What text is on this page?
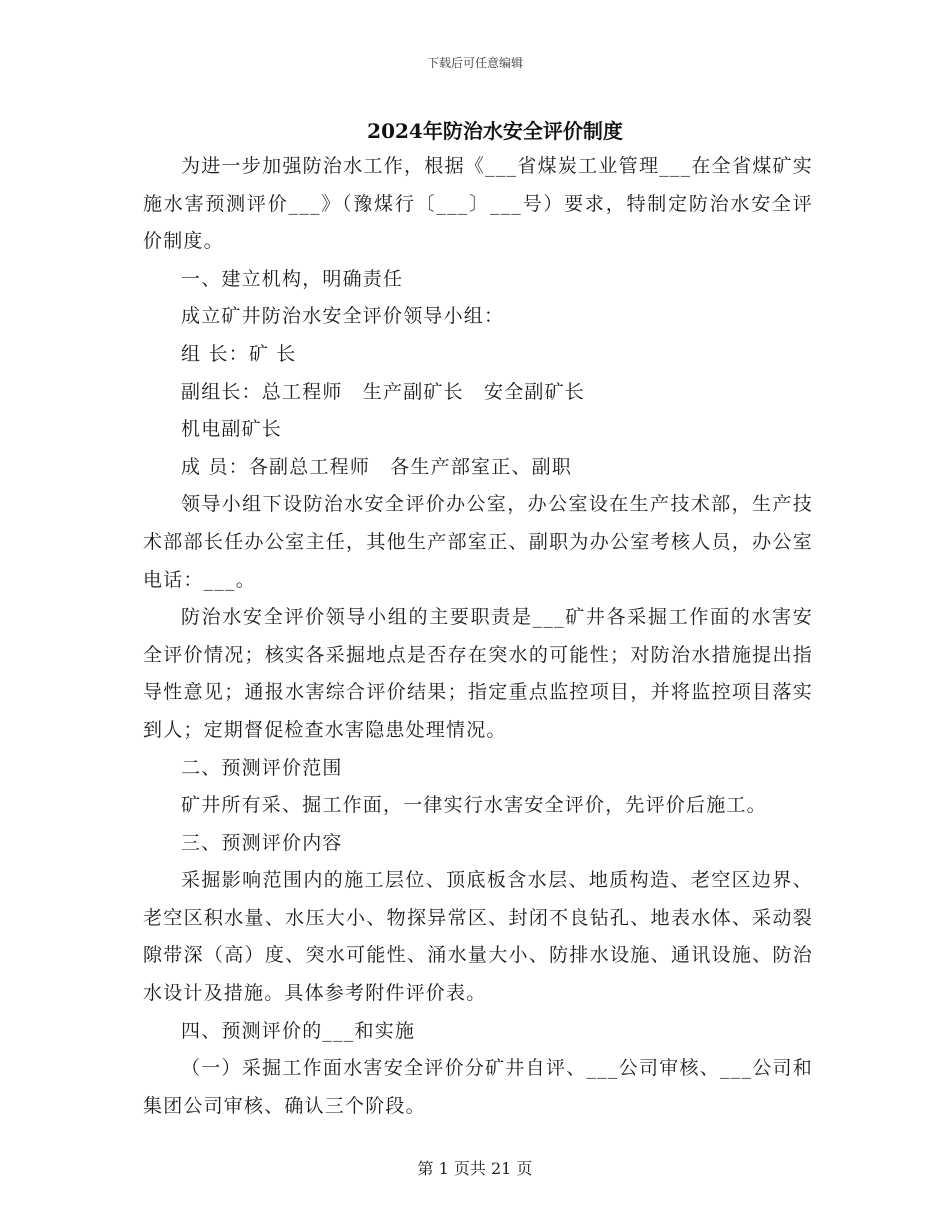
下载后可任意编辑
2024年防治水安全评价制度

为进一步加强防治水工作，根据《___省煤炭工业管理___在全省煤矿实施水害预测评价___》（豫煤行〔___〕___号）要求，特制定防治水安全评价制度。

一、建立机构，明确责任

成立矿井防治水安全评价领导小组：

组 长：矿 长

副组长：总工程师　生产副矿长　安全副矿长

机电副矿长

成 员：各副总工程师　各生产部室正、副职

领导小组下设防治水安全评价办公室，办公室设在生产技术部，生产技术部部长任办公室主任，其他生产部室正、副职为办公室考核人员，办公室电话：___。

防治水安全评价领导小组的主要职责是___矿井各采掘工作面的水害安全评价情况；核实各采掘地点是否存在突水的可能性；对防治水措施提出指导性意见；通报水害综合评价结果；指定重点监控项目，并将监控项目落实到人；定期督促检查水害隐患处理情况。

二、预测评价范围

矿井所有采、掘工作面，一律实行水害安全评价，先评价后施工。

三、预测评价内容

采掘影响范围内的施工层位、顶底板含水层、地质构造、老空区边界、老空区积水量、水压大小、物探异常区、封闭不良钻孔、地表水体、采动裂隙带深（高）度、突水可能性、涌水量大小、防排水设施、通讯设施、防治水设计及措施。具体参考附件评价表。

四、预测评价的___和实施

（一）采掘工作面水害安全评价分矿井自评、___公司审核、___公司和集团公司审核、确认三个阶段。

第 1 页共 21 页
